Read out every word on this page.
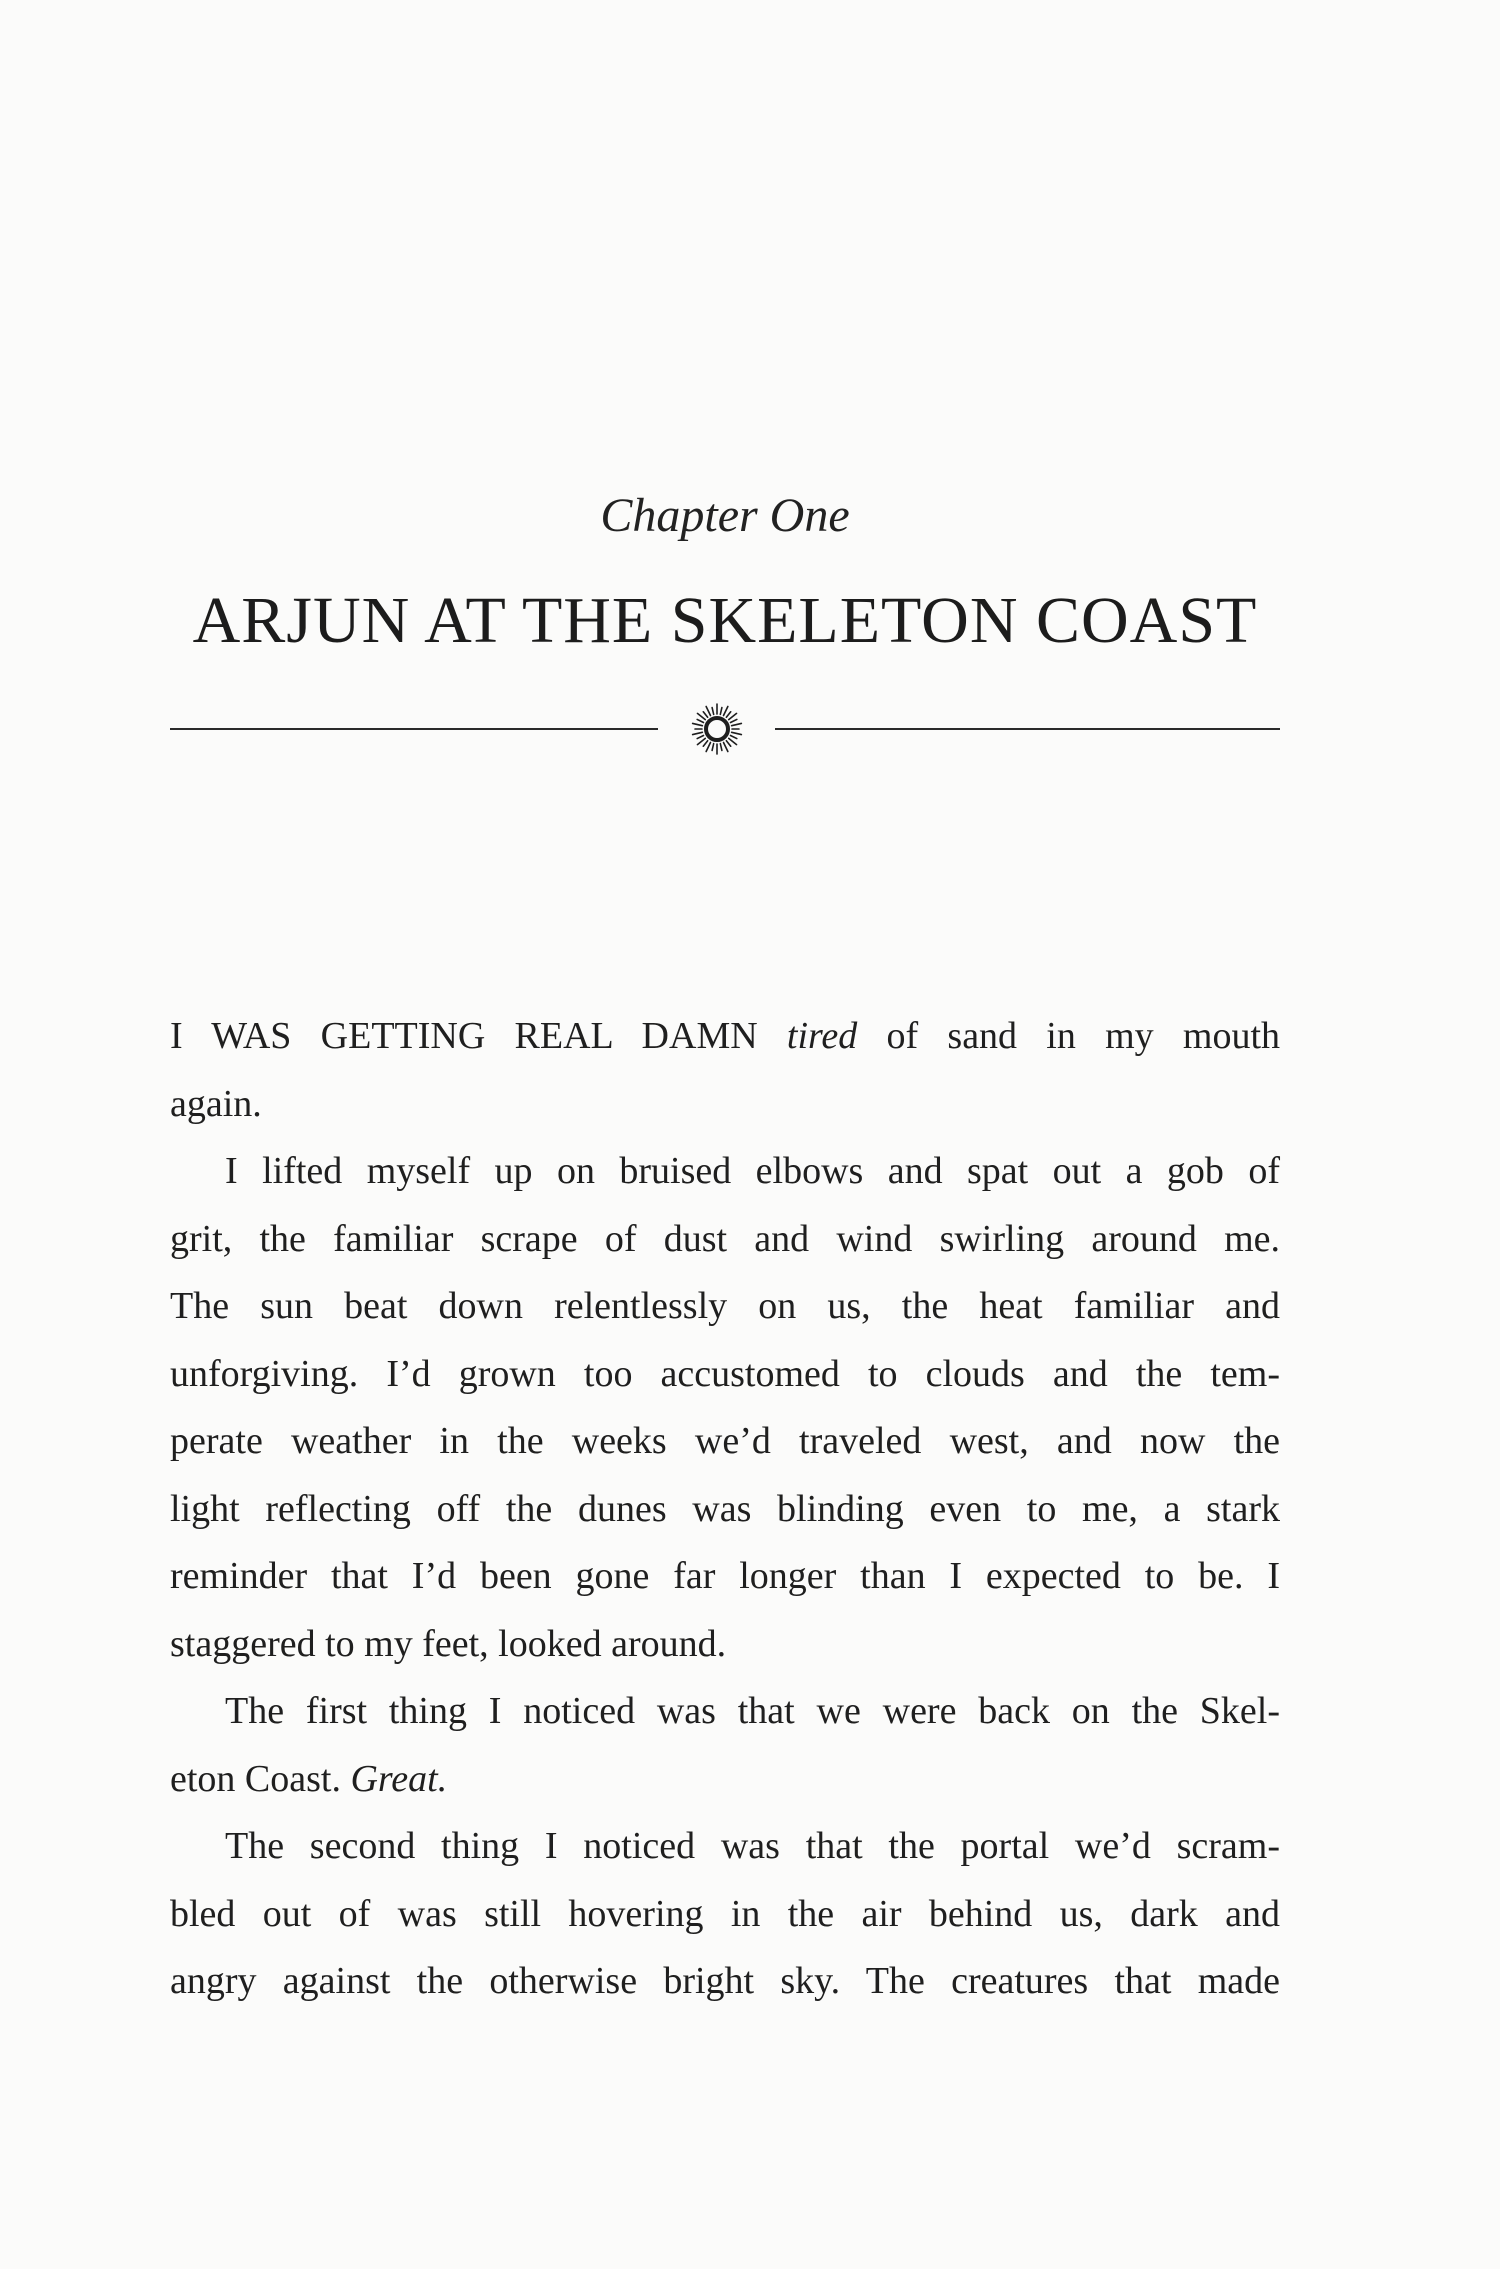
Chapter One
ARJUN AT THE SKELETON COAST
I WAS GETTING REAL DAMN tired of sand in my mouth
again.
I lifted myself up on bruised elbows and spat out a gob of
grit, the familiar scrape of dust and wind swirling around me.
The sun beat down relentlessly on us, the heat familiar and
unforgiving. I’d grown too accustomed to clouds and the tem-
perate weather in the weeks we’d traveled west, and now the
light reflecting off the dunes was blinding even to me, a stark
reminder that I’d been gone far longer than I expected to be. I
staggered to my feet, looked around.
The first thing I noticed was that we were back on the Skel-
eton Coast. Great.
The second thing I noticed was that the portal we’d scram-
bled out of was still hovering in the air behind us, dark and
angry against the otherwise bright sky. The creatures that made
